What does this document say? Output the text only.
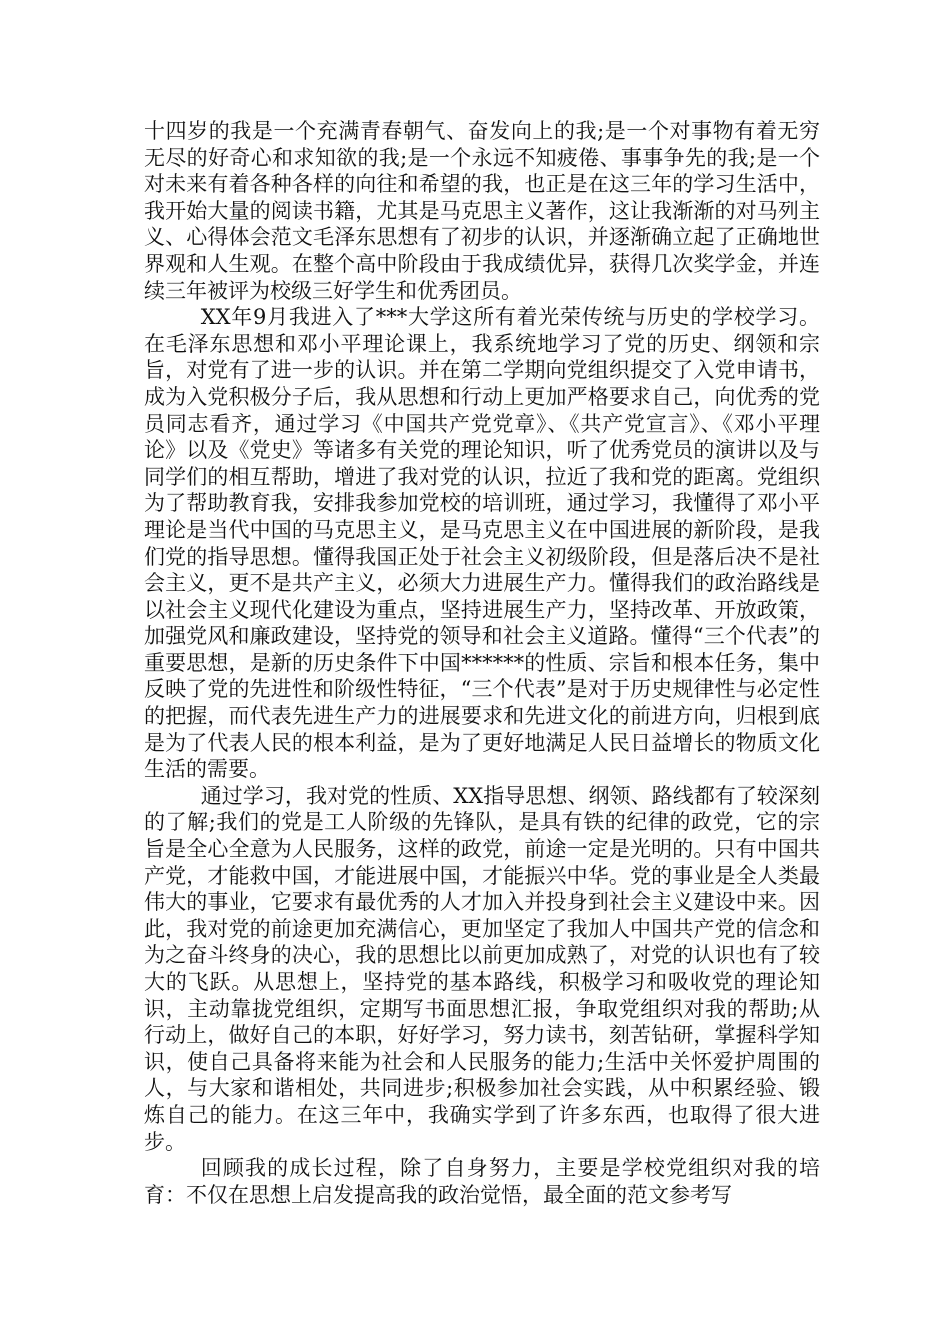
十四岁的我是一个充满青春朝气、奋发向上的我;是一个对事物有着无穷无尽的好奇心和求知欲的我;是一个永远不知疲倦、事事争先的我;是一个对未来有着各种各样的向往和希望的我，也正是在这三年的学习生活中，我开始大量的阅读书籍，尤其是马克思主义著作，这让我渐渐的对马列主义、心得体会范文毛泽东思想有了初步的认识，并逐渐确立起了正确地世界观和人生观。在整个高中阶段由于我成绩优异，获得几次奖学金，并连续三年被评为校级三好学生和优秀团员。

XX年9月我进入了***大学这所有着光荣传统与历史的学校学习。在毛泽东思想和邓小平理论课上，我系统地学习了党的历史、纲领和宗旨，对党有了进一步的认识。并在第二学期向党组织提交了入党申请书，成为入党积极分子后，我从思想和行动上更加严格要求自己，向优秀的党员同志看齐，通过学习《中国共产党党章》、《共产党宣言》、《邓小平理论》以及《党史》等诸多有关党的理论知识，听了优秀党员的演讲以及与同学们的相互帮助，增进了我对党的认识，拉近了我和党的距离。党组织为了帮助教育我，安排我参加党校的培训班，通过学习，我懂得了邓小平理论是当代中国的马克思主义，是马克思主义在中国进展的新阶段，是我们党的指导思想。懂得我国正处于社会主义初级阶段，但是落后决不是社会主义，更不是共产主义，必须大力进展生产力。懂得我们的政治路线是以社会主义现代化建设为重点，坚持进展生产力，坚持改革、开放政策，加强党风和廉政建设，坚持党的领导和社会主义道路。懂得“三个代表”的重要思想，是新的历史条件下中国******的性质、宗旨和根本任务，集中反映了党的先进性和阶级性特征，“三个代表”是对于历史规律性与必定性的把握，而代表先进生产力的进展要求和先进文化的前进方向，归根到底是为了代表人民的根本利益，是为了更好地满足人民日益增长的物质文化生活的需要。

通过学习，我对党的性质、XX指导思想、纲领、路线都有了较深刻的了解;我们的党是工人阶级的先锋队，是具有铁的纪律的政党，它的宗旨是全心全意为人民服务，这样的政党，前途一定是光明的。只有中国共产党，才能救中国，才能进展中国，才能振兴中华。党的事业是全人类最伟大的事业，它要求有最优秀的人才加入并投身到社会主义建设中来。因此，我对党的前途更加充满信心，更加坚定了我加人中国共产党的信念和为之奋斗终身的决心，我的思想比以前更加成熟了，对党的认识也有了较大的飞跃。从思想上，坚持党的基本路线，积极学习和吸收党的理论知识，主动靠拢党组织，定期写书面思想汇报，争取党组织对我的帮助;从行动上，做好自己的本职，好好学习，努力读书，刻苦钻研，掌握科学知识，使自己具备将来能为社会和人民服务的能力;生活中关怀爱护周围的人，与大家和谐相处，共同进步;积极参加社会实践，从中积累经验、锻炼自己的能力。在这三年中，我确实学到了许多东西，也取得了很大进步。

回顾我的成长过程，除了自身努力，主要是学校党组织对我的培育：不仅在思想上启发提高我的政治觉悟，最全面的范文参考写
